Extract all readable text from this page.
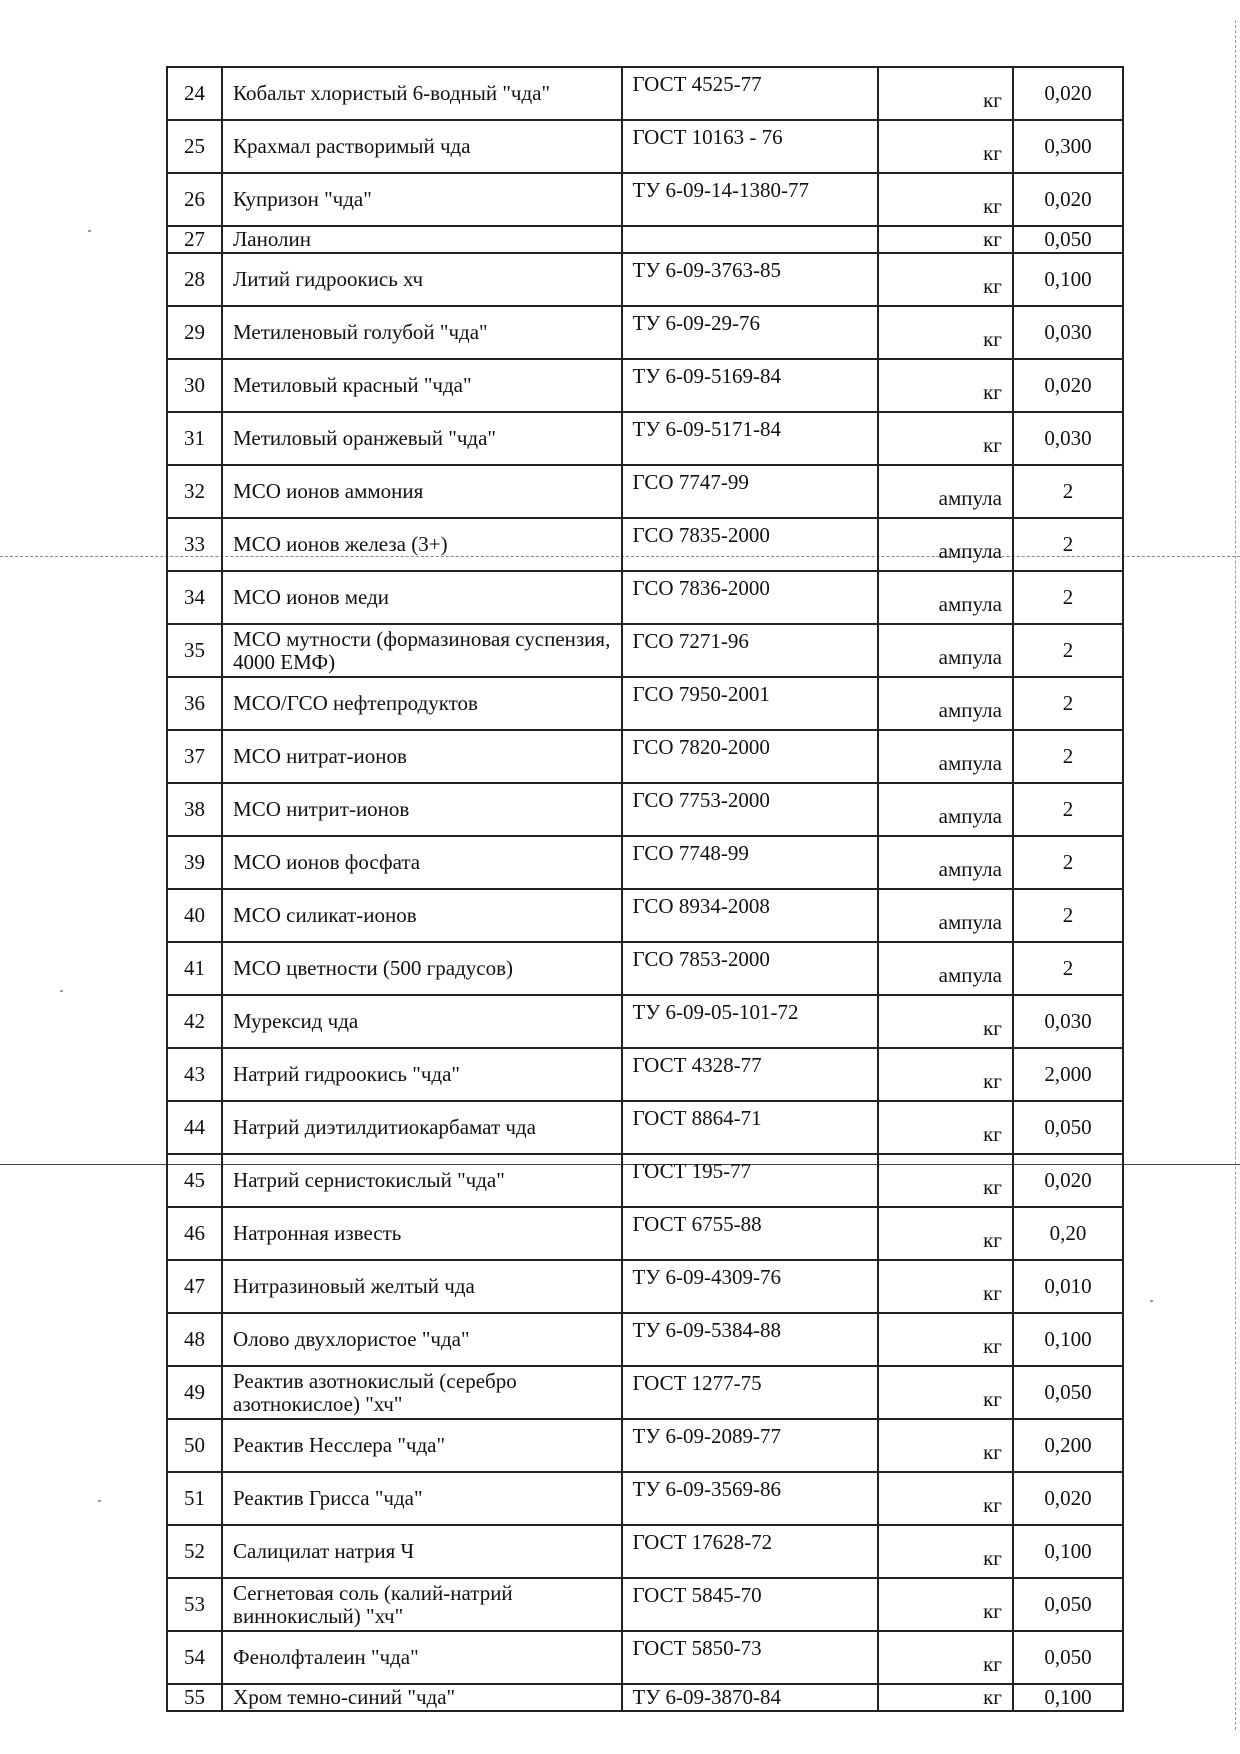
24	Кобальт хлористый 6-водный "чда"	ГОСТ 4525-77	кг	0,020
25	Крахмал растворимый чда	ГОСТ 10163 - 76	кг	0,300
26	Купризон "чда"	ТУ 6-09-14-1380-77	кг	0,020
27	Ланолин		кг	0,050
28	Литий гидроокись хч	ТУ 6-09-3763-85	кг	0,100
29	Метиленовый голубой "чда"	ТУ 6-09-29-76	кг	0,030
30	Метиловый красный "чда"	ТУ 6-09-5169-84	кг	0,020
31	Метиловый оранжевый "чда"	ТУ 6-09-5171-84	кг	0,030
32	МСО ионов аммония	ГСО 7747-99	ампула	2
33	МСО ионов железа (3+)	ГСО 7835-2000	ампула	2
34	МСО ионов меди	ГСО 7836-2000	ампула	2
35	МСО мутности (формазиновая суспензия, 4000 ЕМФ)	ГСО 7271-96	ампула	2
36	МСО/ГСО нефтепродуктов	ГСО 7950-2001	ампула	2
37	МСО нитрат-ионов	ГСО 7820-2000	ампула	2
38	МСО нитрит-ионов	ГСО 7753-2000	ампула	2
39	МСО ионов фосфата	ГСО 7748-99	ампула	2
40	МСО силикат-ионов	ГСО 8934-2008	ампула	2
41	МСО цветности (500 градусов)	ГСО 7853-2000	ампула	2
42	Мурексид чда	ТУ 6-09-05-101-72	кг	0,030
43	Натрий гидроокись "чда"	ГОСТ 4328-77	кг	2,000
44	Натрий диэтилдитиокарбамат чда	ГОСТ 8864-71	кг	0,050
45	Натрий сернистокислый "чда"	ГОСТ 195-77	кг	0,020
46	Натронная известь	ГОСТ 6755-88	кг	0,20
47	Нитразиновый желтый чда	ТУ 6-09-4309-76	кг	0,010
48	Олово двухлористое "чда"	ТУ 6-09-5384-88	кг	0,100
49	Реактив азотнокислый (серебро азотнокислое) "хч"	ГОСТ 1277-75	кг	0,050
50	Реактив Несслера "чда"	ТУ 6-09-2089-77	кг	0,200
51	Реактив Грисса "чда"	ТУ 6-09-3569-86	кг	0,020
52	Салицилат натрия Ч	ГОСТ 17628-72	кг	0,100
53	Сегнетовая соль (калий-натрий виннокислый) "хч"	ГОСТ 5845-70	кг	0,050
54	Фенолфталеин "чда"	ГОСТ 5850-73	кг	0,050
55	Хром темно-синий "чда"	ТУ 6-09-3870-84	кг	0,100
